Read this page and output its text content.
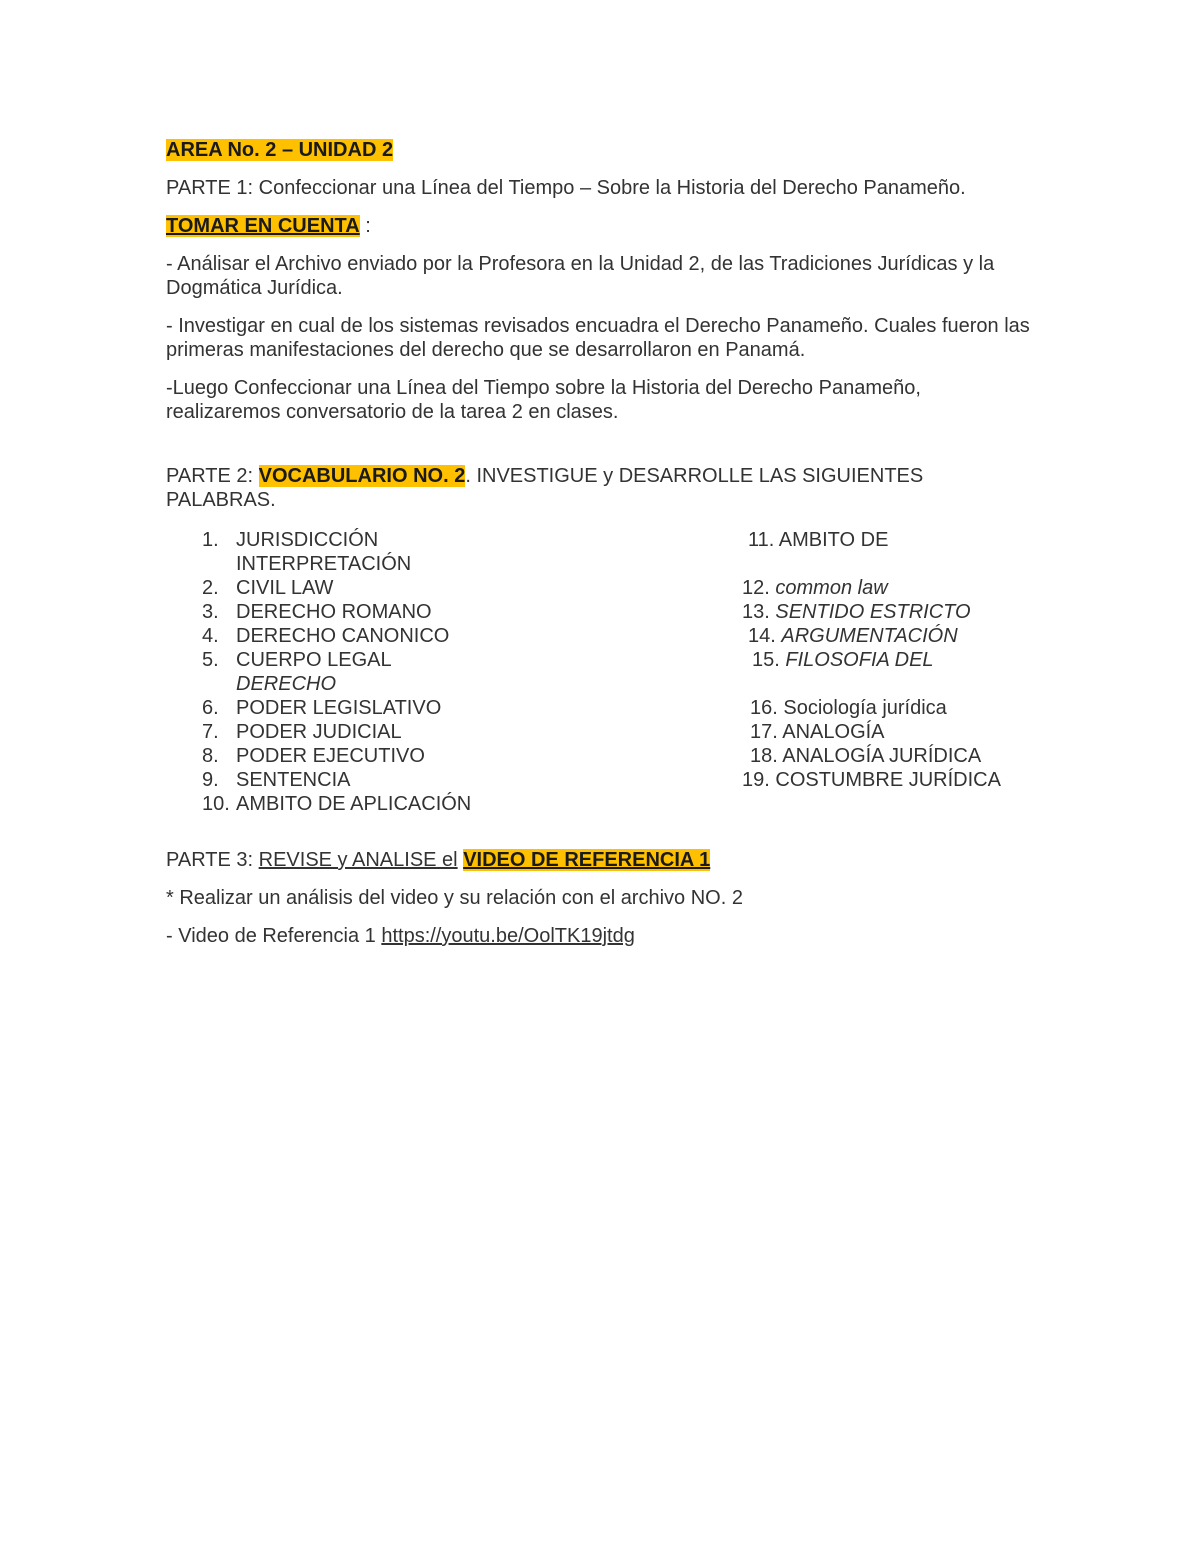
AREA No. 2 – UNIDAD 2

PARTE 1: Confeccionar una Línea del Tiempo – Sobre la Historia del Derecho Panameño.

TOMAR EN CUENTA :

- Análisar el Archivo enviado por la Profesora en la Unidad 2, de las Tradiciones Jurídicas y la Dogmática Jurídica.

- Investigar en cual de los sistemas revisados encuadra el Derecho Panameño. Cuales fueron las primeras manifestaciones del derecho que se desarrollaron en Panamá.

-Luego Confeccionar una Línea del Tiempo sobre la Historia del Derecho Panameño, realizaremos conversatorio de la tarea 2 en clases.

PARTE 2: VOCABULARIO NO. 2. INVESTIGUE y DESARROLLE LAS SIGUIENTES PALABRAS.

1. JURISDICCIÓN INTERPRETACIÓN
2. CIVIL LAW
3. DERECHO ROMANO
4. DERECHO CANONICO
5. CUERPO LEGAL
DERECHO
6. PODER LEGISLATIVO
7. PODER JUDICIAL
8. PODER EJECUTIVO
9. SENTENCIA
10. AMBITO DE APLICACIÓN
11. AMBITO DE
12. common law
13. SENTIDO ESTRICTO
14. ARGUMENTACIÓN
15. FILOSOFIA DEL
16. Sociología jurídica
17. ANALOGÍA
18. ANALOGÍA JURÍDICA
19. COSTUMBRE JURÍDICA

PARTE 3: REVISE y ANALISE el VIDEO DE REFERENCIA 1

* Realizar un análisis del video y su relación con el archivo NO. 2

- Video de Referencia 1 https://youtu.be/OolTK19jtdg
